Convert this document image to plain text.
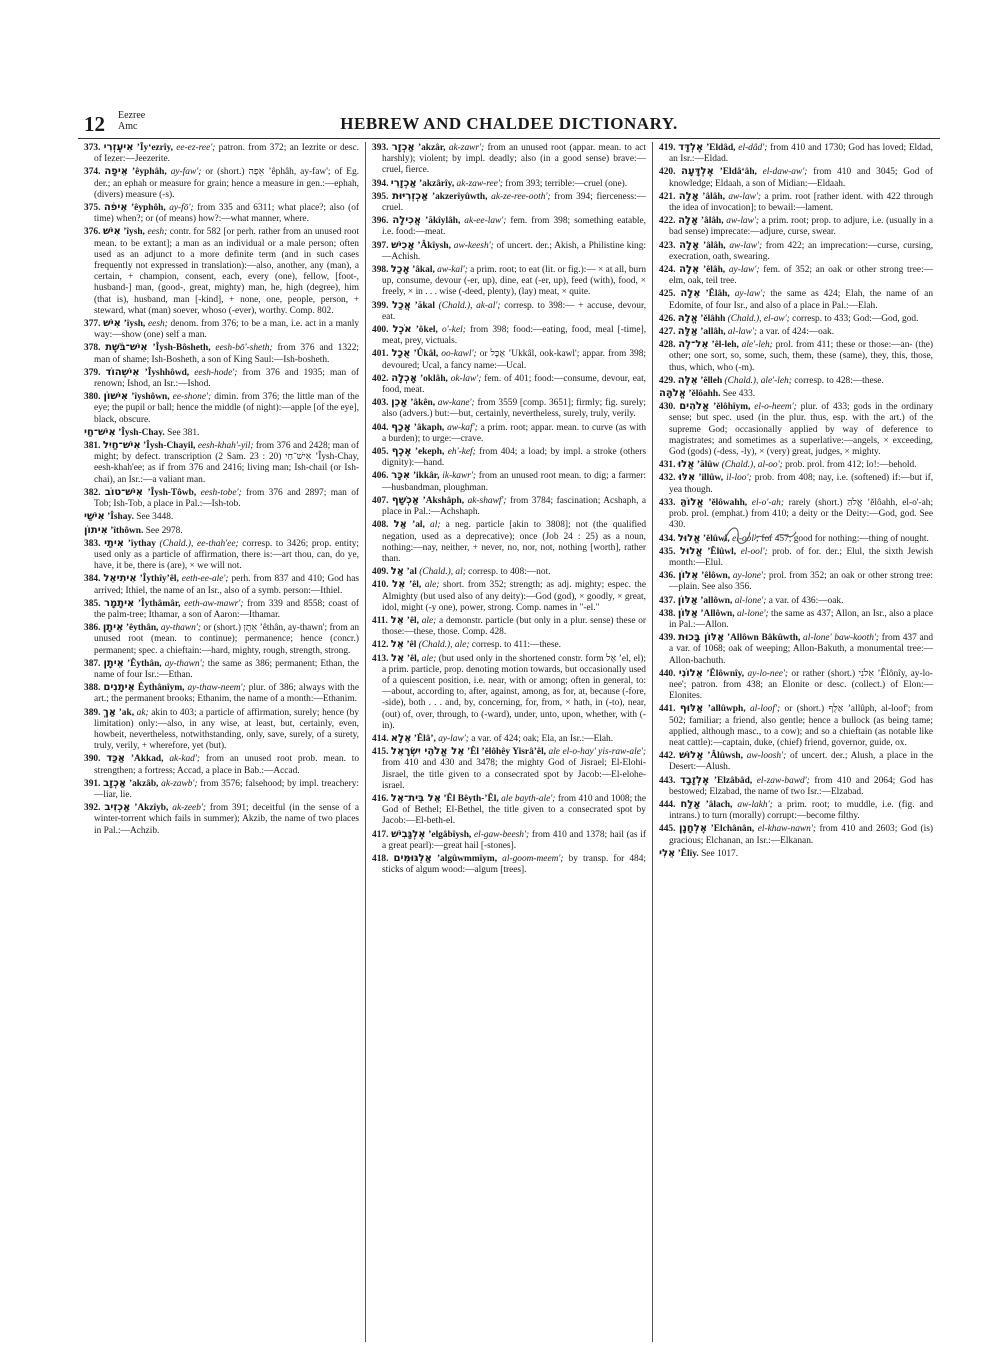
12 Eezree
Amc	HEBREW AND CHALDEE DICTIONARY.

373. אִיעֶזְרִי ʼÎyʻezrîy, ee-ez-ree'; patron. from 372; an Iezrite or desc. of Iezer:—Jeezerite.

374. אֵיפָה ʼêyphâh, ay-faw'; or (short.) אֵפָה ʼêphâh, ay-faw'; of Eg. der.; an ephah or measure for grain; hence a measure in gen.:—ephah, (divers) measure (-s).

375. אֵיפֹה ʼêyphôh, ay-fō'; from 335 and 6311; what place?; also (of time) when?; or (of means) how?:—what manner, where.

376. אִישׁ ʼîysh, eesh; contr. for 582 [or perh. rather from an unused root mean. to be extant]; a man as an individual or a male person; often used as an adjunct to a more definite term (and in such cases frequently not expressed in translation):—also, another, any (man), a certain, + champion, consent, each, every (one), fellow, [foot-, husband-] man, (good-, great, mighty) man, he, high (degree), him (that is), husband, man [-kind], + none, one, people, person, + steward, what (man) soever, whoso (-ever), worthy. Comp. 802.

377. אִישׁ ʼîysh, eesh; denom. from 376; to be a man, i.e. act in a manly way:—show (one) self a man.

378. אִישׁ־בֹּשֶׁת ʼÎysh-Bôsheth, eesh-bō'-sheth; from 376 and 1322; man of shame; Ish-Bosheth, a son of King Saul:—Ish-bosheth.

379. אִישְׁהוֹד ʼÎyshhôwd, eesh-hode'; from 376 and 1935; man of renown; Ishod, an Isr.:—Ishod.

380. אִישׁוֹן ʼîyshôwn, ee-shone'; dimin. from 376; the little man of the eye; the pupil or ball; hence the middle (of night):—apple [of the eye], black, obscure.

אִישׁ־חַי ʼÎysh-Chay. See 381.

381. אִישׁ־חַיִל ʼÎysh-Chayil, eesh-khah'-yil; from 376 and 2428; man of might; by defect. transcription (2 Sam. 23 : 20) אִישׁ־חַי ʼÎysh-Chay, eesh-khah'ee; as if from 376 and 2416; living man; Ish-chail (or Ish-chai), an Isr.:—a valiant man.

382. אִישׁ־טוֹב ʼÎysh-Tôwb, eesh-tobe'; from 376 and 2897; man of Tob; Ish-Tob, a place in Pal.:—Ish-tob.

אִישַׁי ʼÎshay. See 3448.

אִיתוֹן ʼîthôwn. See 2978.

383. אִיתַי ʼîythay (Chald.), ee-thah'ee; corresp. to 3426; prop. entity; used only as a particle of affirmation, there is:—art thou, can, do ye, have, it be, there is (are), × we will not.

384. אִיתִיאֵל ʼÎythîyʼêl, eeth-ee-ale'; perh. from 837 and 410; God has arrived; Ithiel, the name of an Isr., also of a symb. person:—Ithiel.

385. אִיתָמָר ʼÎythâmâr, eeth-aw-mawr'; from 339 and 8558; coast of the palm-tree; Ithamar, a son of Aaron:—Ithamar.

386. אֵיתָן ʼêythân, ay-thawn'; or (short.) אֵתָן ʼêthân, ay-thawn'; from an unused root (mean. to continue); permanence; hence (concr.) permanent; spec. a chieftain:—hard, mighty, rough, strength, strong.

387. אֵיתָן ʼÊythân, ay-thawn'; the same as 386; permanent; Ethan, the name of four Isr.:—Ethan.

388. אֵיתָנִים Êythânîym, ay-thaw-neem'; plur. of 386; always with the art.; the permanent brooks; Ethanim, the name of a month:—Ethanim.

389. אַךְ ʼak, ak; akin to 403; a particle of affirmation, surely; hence (by limitation) only:—also, in any wise, at least, but, certainly, even, howbeit, nevertheless, notwithstanding, only, save, surely, of a surety, truly, verily, + wherefore, yet (but).

390. אַכַּד ʼAkkad, ak-kad'; from an unused root prob. mean. to strengthen; a fortress; Accad, a place in Bab.:—Accad.

391. אַכְזָב ʼakzâb, ak-zawb'; from 3576; falsehood; by impl. treachery:—liar, lie.

392. אַכְזִיב ʼAkzîyb, ak-zeeb'; from 391; deceitful (in the sense of a winter-torrent which fails in summer); Akzib, the name of two places in Pal.:—Achzib.

393. אַכְזָר ʼakzâr, ak-zawr'; from an unused root (appar. mean. to act harshly); violent; by impl. deadly; also (in a good sense) brave:—cruel, fierce.

394. אַכְזָרִי ʼakzârîy, ak-zaw-ree'; from 393; terrible:—cruel (one).

395. אַכְזְרִיּוּת ʼakzerîyûwth, ak-ze-ree-ooth'; from 394; fierceness:—cruel.

396. אֲכִילָה ʼăkîylâh, ak-ee-law'; fem. from 398; something eatable, i.e. food:—meat.

397. אָכִישׁ ʼÂkîysh, aw-keesh'; of uncert. der.; Akish, a Philistine king:—Achish.

398. אָכַל ʼâkal, aw-kal'; a prim. root; to eat (lit. or fig.):— × at all, burn up, consume, devour (-er, up), dine, eat (-er, up), feed (with), food, × freely, × in . . . wise (-deed, plenty), (lay) meat, × quite.

399. אֲכַל ʼăkal (Chald.), ak-al'; corresp. to 398:— + accuse, devour, eat.

400. אֹכֶל ʼôkel, o'-kel; from 398; food:—eating, food, meal [-time], meat, prey, victuals.

401. אֻכָל ʼÛkâl, oo-kawl'; or אֻכָּל ʼUkkâl, ook-kawl'; appar. from 398; devoured; Ucal, a fancy name:—Ucal.

402. אָכְלָה ʼoklâh, ok-law'; fem. of 401; food:—consume, devour, eat, food, meat.

403. אָכֵן ʼâkên, aw-kane'; from 3559 [comp. 3651]; firmly; fig. surely; also (advers.) but:—but, certainly, nevertheless, surely, truly, verily.

404. אָכַף ʼâkaph, aw-kaf'; a prim. root; appar. mean. to curve (as with a burden); to urge:—crave.

405. אֶכֶף ʼekeph, eh'-kef; from 404; a load; by impl. a stroke (others dignity):—hand.

406. אִכָּר ʼikkâr, ik-kawr'; from an unused root mean. to dig; a farmer:—husbandman, ploughman.

407. אַכְשָׁף ʼAkshâph, ak-shawf'; from 3784; fascination; Acshaph, a place in Pal.:—Achshaph.

408. אַל ʼal, al; a neg. particle [akin to 3808]; not (the qualified negation, used as a deprecative); once (Job 24 : 25) as a noun, nothing:—nay, neither, + never, no, nor, not, nothing [worth], rather than.

409. אַל ʼal (Chald.), al; corresp. to 408:—not.

410. אֵל ʼêl, ale; short. from 352; strength; as adj. mighty; espec. the Almighty (but used also of any deity):—God (god), × goodly, × great, idol, might (-y one), power, strong. Comp. names in "-el."

411. אֵל ʼêl, ale; a demonstr. particle (but only in a plur. sense) these or those:—these, those. Comp. 428.

412. אֵל ʼêl (Chald.), ale; corresp. to 411:—these.

413. אֵל ʼêl, ale; (but used only in the shortened constr. form אֶל ʼel, el); a prim. particle, prop. denoting motion towards, but occasionally used of a quiescent position, i.e. near, with or among; often in general, to:—about, according to, after, against, among, as for, at, because (-fore, -side), both . . . and, by, concerning, for, from, × hath, in (-to), near, (out) of, over, through, to (-ward), under, unto, upon, whether, with (-in).

414. אֵלָא ʼÊlâʼ, ay-law'; a var. of 424; oak; Ela, an Isr.:—Elah.

415. אֵל אֱלֹהֵי יִשְׂרָאֵל ʼÊl ʼělôhêy Yisrâʼêl, ale el-o-hay' yis-raw-ale'; from 410 and 430 and 3478; the mighty God of Jisrael; El-Elohi-Jisrael, the title given to a consecrated spot by Jacob:—El-elohe-israel.

416. אֵל בֵּית־אֵל ʼÊl Bêyth-ʼÊl, ale bayth-ale'; from 410 and 1008; the God of Bethel; El-Bethel, the title given to a consecrated spot by Jacob:—El-beth-el.

417. אֶלְגָּבִישׁ ʼelgâbîysh, el-gaw-beesh'; from 410 and 1378; hail (as if a great pearl):—great hail [-stones].

418. אַלְגּוּמִּים ʼalgûwmmîym, al-goom-meem'; by transp. for 484; sticks of algum wood:—algum [trees].

419. אֶלְדָּד ʼEldâd, el-dâd'; from 410 and 1730; God has loved; Eldad, an Isr.:—Eldad.

420. אֶלְדָּעָה ʼEldâʻâh, el-daw-aw'; from 410 and 3045; God of knowledge; Eldaah, a son of Midian:—Eldaah.

421. אָלָה ʼâlâh, aw-law'; a prim. root [rather ident. with 422 through the idea of invocation]; to bewail:—lament.

422. אָלָה ʼâlâh, aw-law'; a prim. root; prop. to adjure, i.e. (usually in a bad sense) imprecate:—adjure, curse, swear.

423. אָלָה ʼâlâh, aw-law'; from 422; an imprecation:—curse, cursing, execration, oath, swearing.

424. אֵלָה ʼêlâh, ay-law'; fem. of 352; an oak or other strong tree:—elm, oak, teil tree.

425. אֵלָה ʼÊlâh, ay-law'; the same as 424; Elah, the name of an Edomite, of four Isr., and also of a place in Pal.:—Elah.

426. אֱלָהּ ʼělâhh (Chald.), el-aw'; corresp. to 433; God:—God, god.

427. אַלָּה ʼallâh, al-law'; a var. of 424:—oak.

428. אֵל־לֶה ʼêl-leh, ale'-leh; prol. from 411; these or those:—an- (the) other; one sort, so, some, such, them, these (same), they, this, those, thus, which, who (-m).

429. אֵלֶּה ʼêlleh (Chald.), ale'-leh; corresp. to 428:—these.

אֱלֹהָּה ʼělôahh. See 433.

430. אֱלֹהִים ʼělôhîym, el-o-heem'; plur. of 433; gods in the ordinary sense; but spec. used (in the plur. thus, esp. with the art.) of the supreme God; occasionally applied by way of deference to magistrates; and sometimes as a superlative:—angels, × exceeding, God (gods) (-dess, -ly), × (very) great, judges, × mighty.

431. אֲלוּ ʼălûw (Chald.), al-oo'; prob. prol. from 412; lo!:—behold.

432. אִלּוּ ʼillûw, il-loo'; prob. from 408; nay, i.e. (softened) if:—but if, yea though.

433. אֱלוֹהַּ ʼělôwahh, el-o'-ah; rarely (short.) אֱלֹהַּ ʼělôahh, el-o'-ah; prob. prol. (emphat.) from 410; a deity or the Deity:—God, god. See 430.

434. אֱלוּל ʼělûwl, el-ool'; for 457; good for nothing:—thing of nought.

435. אֱלוּל ʼĚlûwl, el-ool'; prob. of for. der.; Elul, the sixth Jewish month:—Elul.

436. אֵלוֹן ʼêlôwn, ay-lone'; prol. from 352; an oak or other strong tree:—plain. See also 356.

437. אַלּוֹן ʼallôwn, al-lone'; a var. of 436:—oak.

438. אַלּוֹן ʼAllôwn, al-lone'; the same as 437; Allon, an Isr., also a place in Pal.:—Allon.

439. אַלּוֹן בָּכוּת ʼAllôwn Bâkûwth, al-lone' baw-kooth'; from 437 and a var. of 1068; oak of weeping; Allon-Bakuth, a monumental tree:—Allon-bachuth.

440. אֵלוֹנִי ʼÊlôwnîy, ay-lo-nee'; or rather (short.) אֵלֹנִי ʼÊlônîy, ay-lo-nee'; patron. from 438; an Elonite or desc. (collect.) of Elon:—Elonites.

441. אַלּוּף ʼallûwph, al-loof'; or (short.) אַלֻּף ʼallûph, al-loof'; from 502; familiar; a friend, also gentle; hence a bullock (as being tame; applied, although masc., to a cow); and so a chieftain (as notable like neat cattle):—captain, duke, (chief) friend, governor, guide, ox.

442. אָלוּשׁ ʼÂlûwsh, aw-loosh'; of uncert. der.; Alush, a place in the Desert:—Alush.

443. אֶלְזָבָד ʼElzâbâd, el-zaw-bawd'; from 410 and 2064; God has bestowed; Elzabad, the name of two Isr.:—Elzabad.

444. אָלַח ʼâlach, aw-lakh'; a prim. root; to muddle, i.e. (fig. and intrans.) to turn (morally) corrupt:—become filthy.

445. אֶלְחָנָן ʼElchânân, el-khaw-nawn'; from 410 and 2603; God (is) gracious; Elchanan, an Isr.:—Elkanan.

אֵלִי ʼÊlîy. See 1017.
